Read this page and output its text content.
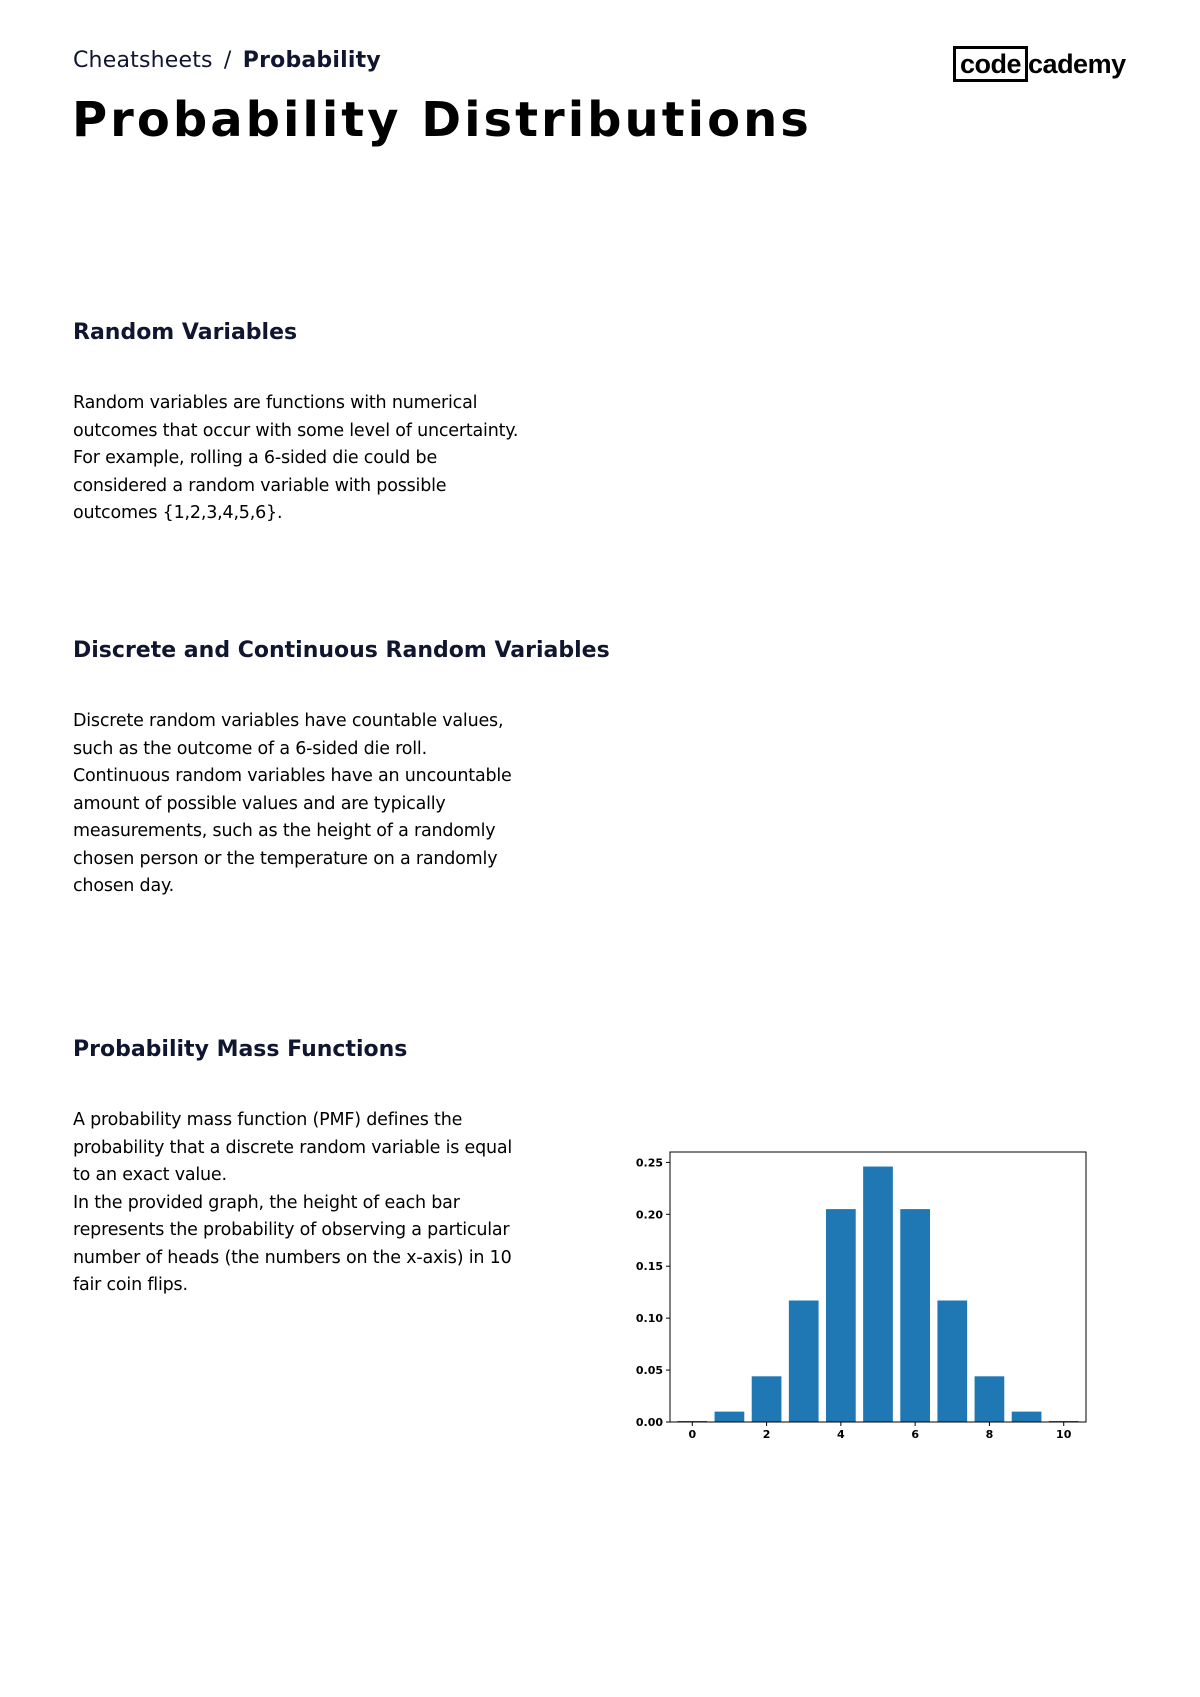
Cheatsheets / Probability	code cademy
Probability Distributions
Random Variables

Random variables are functions with numerical outcomes that occur with some level of uncertainty. For example, rolling a 6-sided die could be considered a random variable with possible outcomes {1,2,3,4,5,6}.

Discrete and Continuous Random Variables

Discrete random variables have countable values, such as the outcome of a 6-sided die roll.

Continuous random variables have an uncountable amount of possible values and are typically measurements, such as the height of a randomly chosen person or the temperature on a randomly chosen day.

Probability Mass Functions

A probability mass function (PMF) defines the probability that a discrete random variable is equal to an exact value.

In the provided graph, the height of each bar represents the probability of observing a particular number of heads (the numbers on the x-axis) in 10 fair coin flips.

0.00
0.05
0.10
0.15
0.20
0.25
0	2	4	6	8	10
